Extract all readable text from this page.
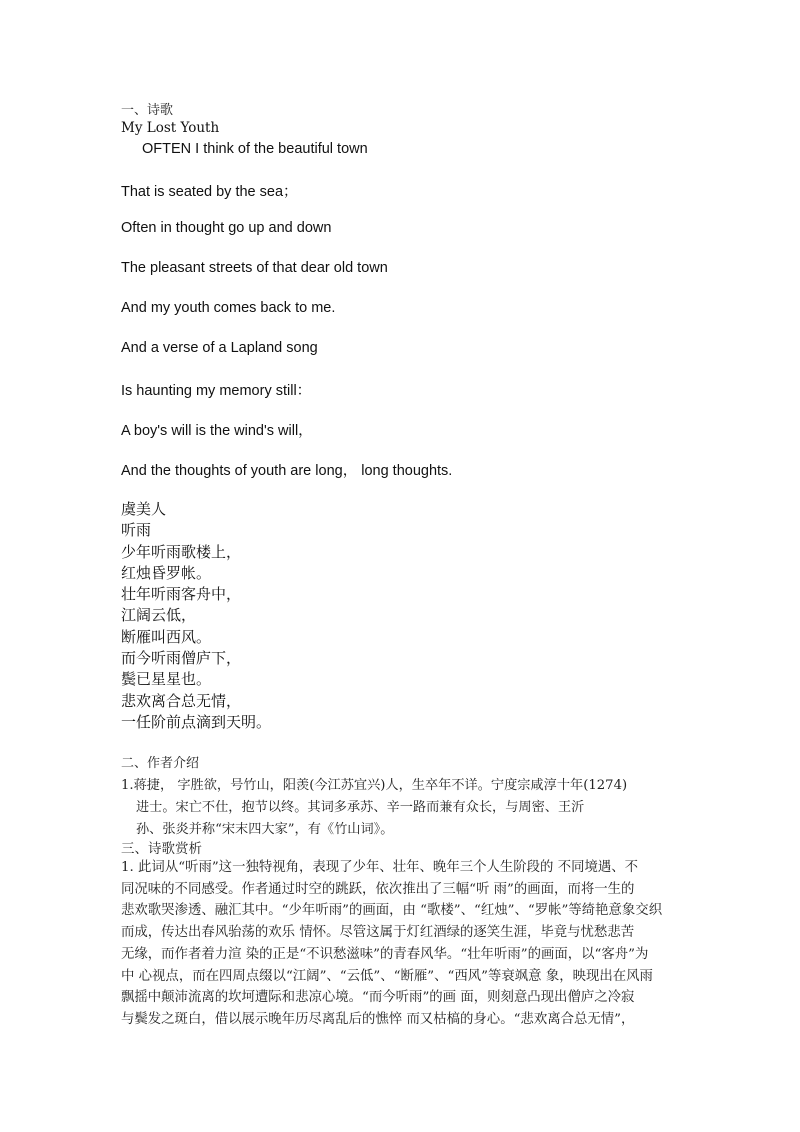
一、诗歌
My Lost Youth
OFTEN I think of the beautiful town
That is seated by the sea；
Often in thought go up and down
The pleasant streets of that dear old town
And my youth comes back to me.
And a verse of a Lapland song
Is haunting my memory still：
A boy's will is the wind's will，
And the thoughts of youth are long， long thoughts.
虞美人
听雨
少年听雨歌楼上，
红烛昏罗帐。
壮年听雨客舟中，
江阔云低，
断雁叫西风。
而今听雨僧庐下，
鬓已星星也。
悲欢离合总无情，
一任阶前点滴到天明。
二、作者介绍
1.蒋捷， 字胜欲，号竹山，阳羡(今江苏宜兴)人，生卒年不详。宁度宗咸淳十年(1274)
进士。宋亡不仕，抱节以终。其词多承苏、辛一路而兼有众长，与周密、王沂
孙、张炎并称“宋末四大家”，有《竹山词》。
三、诗歌赏析
1. 此词从“听雨”这一独特视角，表现了少年、壮年、晚年三个人生阶段的 不同境遇、不
同况味的不同感受。作者通过时空的跳跃，依次推出了三幅“听 雨”的画面，而将一生的
悲欢歌哭渗透、融汇其中。“少年听雨”的画面，由 “歌楼”、“红烛”、“罗帐”等绮艳意象交织
而成，传达出春风骀荡的欢乐 情怀。尽管这属于灯红酒绿的逐笑生涯，毕竟与忧愁悲苦
无缘，而作者着力渲 染的正是“不识愁滋味”的青春风华。“壮年听雨”的画面，以“客舟”为
中 心视点，而在四周点缀以“江阔”、“云低”、“断雁”、“西风”等衰飒意 象，映现出在风雨
飘摇中颠沛流离的坎坷遭际和悲凉心境。“而今听雨”的画 面，则刻意凸现出僧庐之冷寂
与鬓发之斑白，借以展示晚年历尽离乱后的憔悴 而又枯槁的身心。“悲欢离合总无情”，
